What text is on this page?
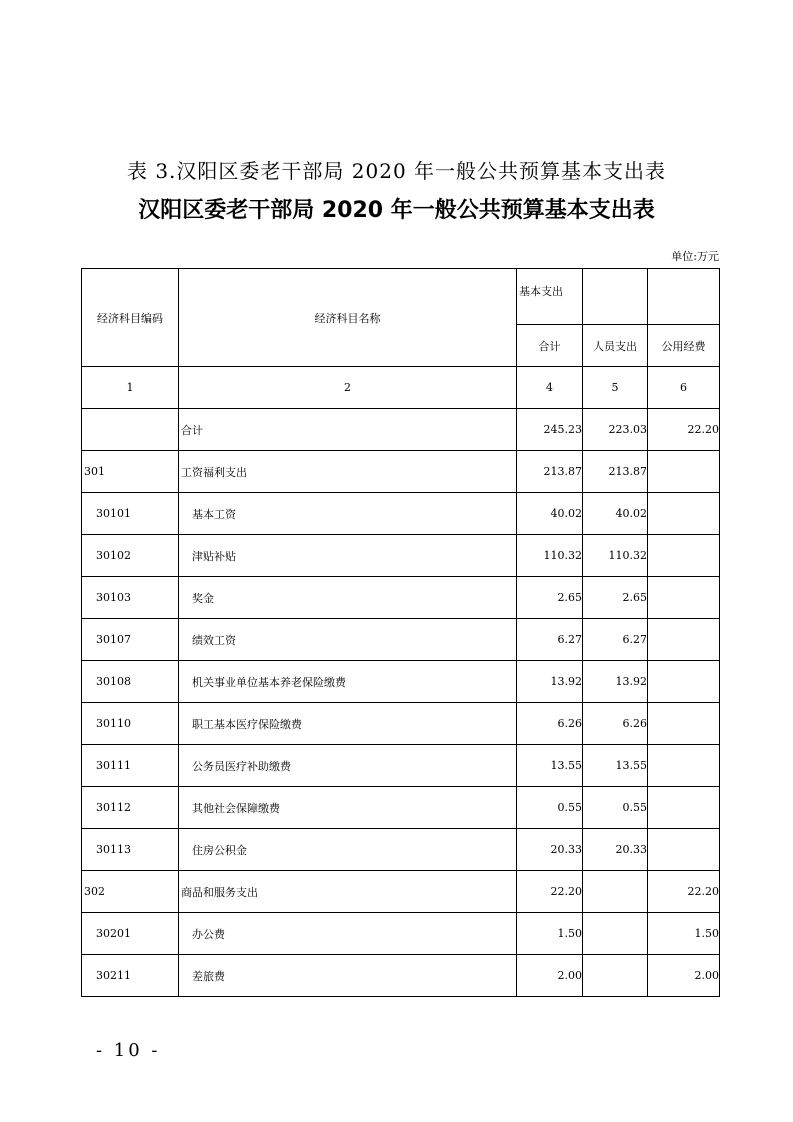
表 3.汉阳区委老干部局 2020 年一般公共预算基本支出表
汉阳区委老干部局 2020 年一般公共预算基本支出表
单位:万元
经济科目编码	经济科目名称	基本支出		
		合计	人员支出	公用经费
1	2	4	5	6
	合计	245.23	223.03	22.20
301	工资福利支出	213.87	213.87	
30101	基本工资	40.02	40.02	
30102	津贴补贴	110.32	110.32	
30103	奖金	2.65	2.65	
30107	绩效工资	6.27	6.27	
30108	机关事业单位基本养老保险缴费	13.92	13.92	
30110	职工基本医疗保险缴费	6.26	6.26	
30111	公务员医疗补助缴费	13.55	13.55	
30112	其他社会保障缴费	0.55	0.55	
30113	住房公积金	20.33	20.33	
302	商品和服务支出	22.20		22.20
30201	办公费	1.50		1.50
30211	差旅费	2.00		2.00
- 10 -
